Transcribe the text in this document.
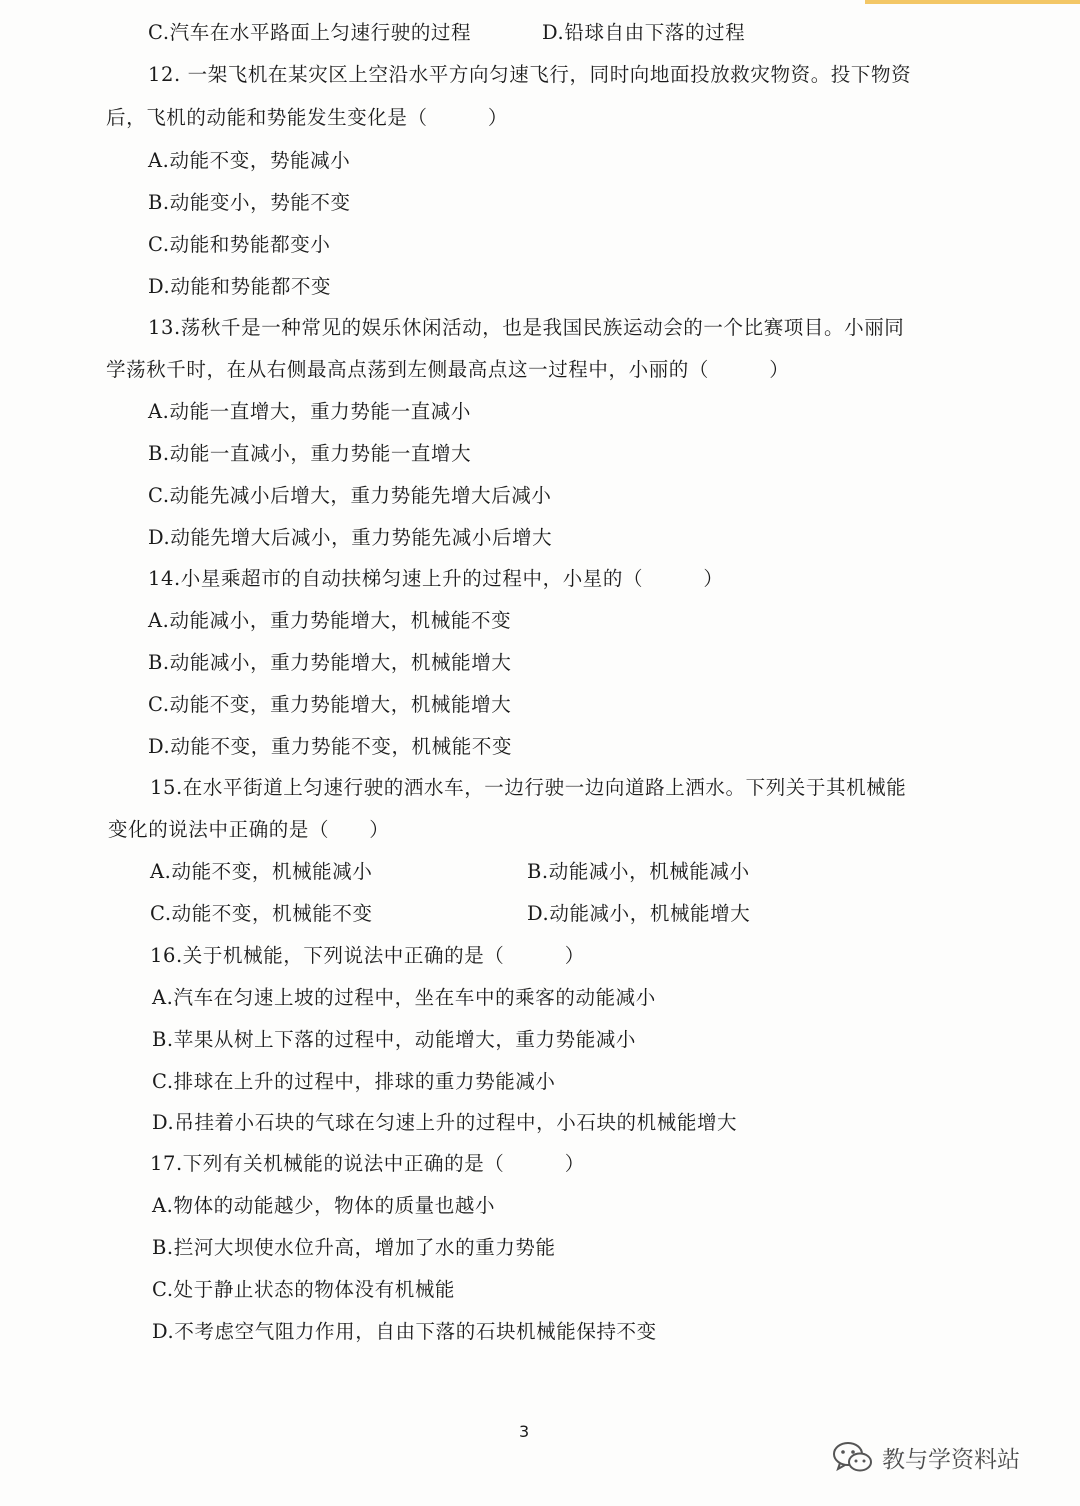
C.汽车在水平路面上匀速行驶的过程	D.铅球自由下落的过程
12. 一架飞机在某灾区上空沿水平方向匀速飞行，同时向地面投放救灾物资。投下物资
后，飞机的动能和势能发生变化是（　　　）
A.动能不变，势能减小
B.动能变小，势能不变
C.动能和势能都变小
D.动能和势能都不变
13.荡秋千是一种常见的娱乐休闲活动，也是我国民族运动会的一个比赛项目。小丽同
学荡秋千时，在从右侧最高点荡到左侧最高点这一过程中，小丽的（　　　）
A.动能一直增大，重力势能一直减小
B.动能一直减小，重力势能一直增大
C.动能先减小后增大，重力势能先增大后减小
D.动能先增大后减小，重力势能先减小后增大
14.小星乘超市的自动扶梯匀速上升的过程中，小星的（　　　）
A.动能减小，重力势能增大，机械能不变
B.动能减小，重力势能增大，机械能增大
C.动能不变，重力势能增大，机械能增大
D.动能不变，重力势能不变，机械能不变
15.在水平街道上匀速行驶的洒水车，一边行驶一边向道路上洒水。下列关于其机械能
变化的说法中正确的是（　　）
A.动能不变，机械能减小	B.动能减小，机械能减小
C.动能不变，机械能不变	D.动能减小，机械能增大
16.关于机械能，下列说法中正确的是（　　　）
A.汽车在匀速上坡的过程中，坐在车中的乘客的动能减小
B.苹果从树上下落的过程中，动能增大，重力势能减小
C.排球在上升的过程中，排球的重力势能减小
D.吊挂着小石块的气球在匀速上升的过程中，小石块的机械能增大
17.下列有关机械能的说法中正确的是（　　　）
A.物体的动能越少，物体的质量也越小
B.拦河大坝使水位升高，增加了水的重力势能
C.处于静止状态的物体没有机械能
D.不考虑空气阻力作用，自由下落的石块机械能保持不变
3
教与学资料站
